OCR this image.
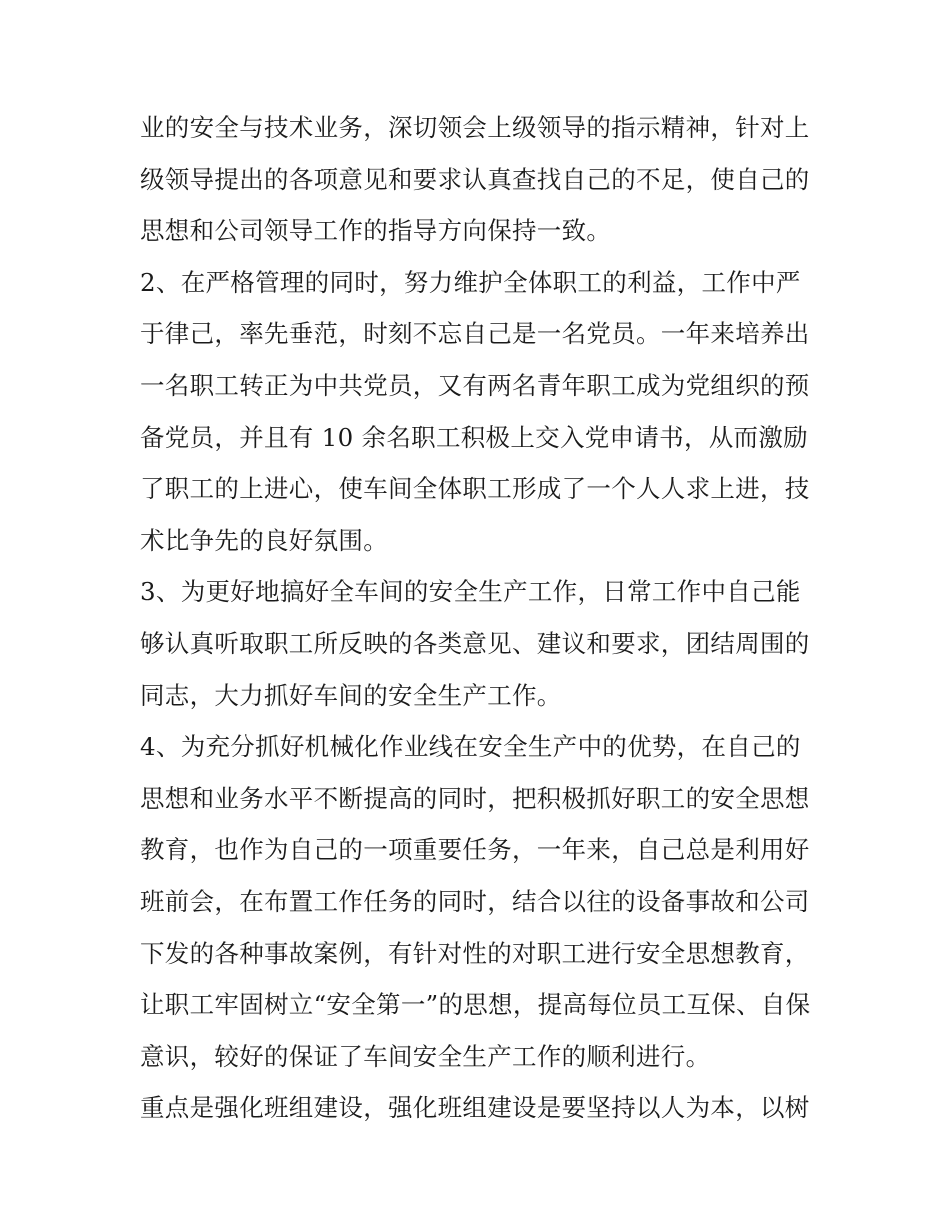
业的安全与技术业务，深切领会上级领导的指示精神，针对上
级领导提出的各项意见和要求认真查找自己的不足，使自己的
思想和公司领导工作的指导方向保持一致。
2、在严格管理的同时，努力维护全体职工的利益，工作中严
于律己，率先垂范，时刻不忘自己是一名党员。一年来培养出
一名职工转正为中共党员，又有两名青年职工成为党组织的预
备党员，并且有 10 余名职工积极上交入党申请书，从而激励
了职工的上进心，使车间全体职工形成了一个人人求上进，技
术比争先的良好氛围。
3、为更好地搞好全车间的安全生产工作，日常工作中自己能
够认真听取职工所反映的各类意见、建议和要求，团结周围的
同志，大力抓好车间的安全生产工作。
4、为充分抓好机械化作业线在安全生产中的优势，在自己的
思想和业务水平不断提高的同时，把积极抓好职工的安全思想
教育，也作为自己的一项重要任务，一年来，自己总是利用好
班前会，在布置工作任务的同时，结合以往的设备事故和公司
下发的各种事故案例，有针对性的对职工进行安全思想教育，
让职工牢固树立“安全第一”的思想，提高每位员工互保、自保
意识，较好的保证了车间安全生产工作的顺利进行。
重点是强化班组建设，强化班组建设是要坚持以人为本，以树
